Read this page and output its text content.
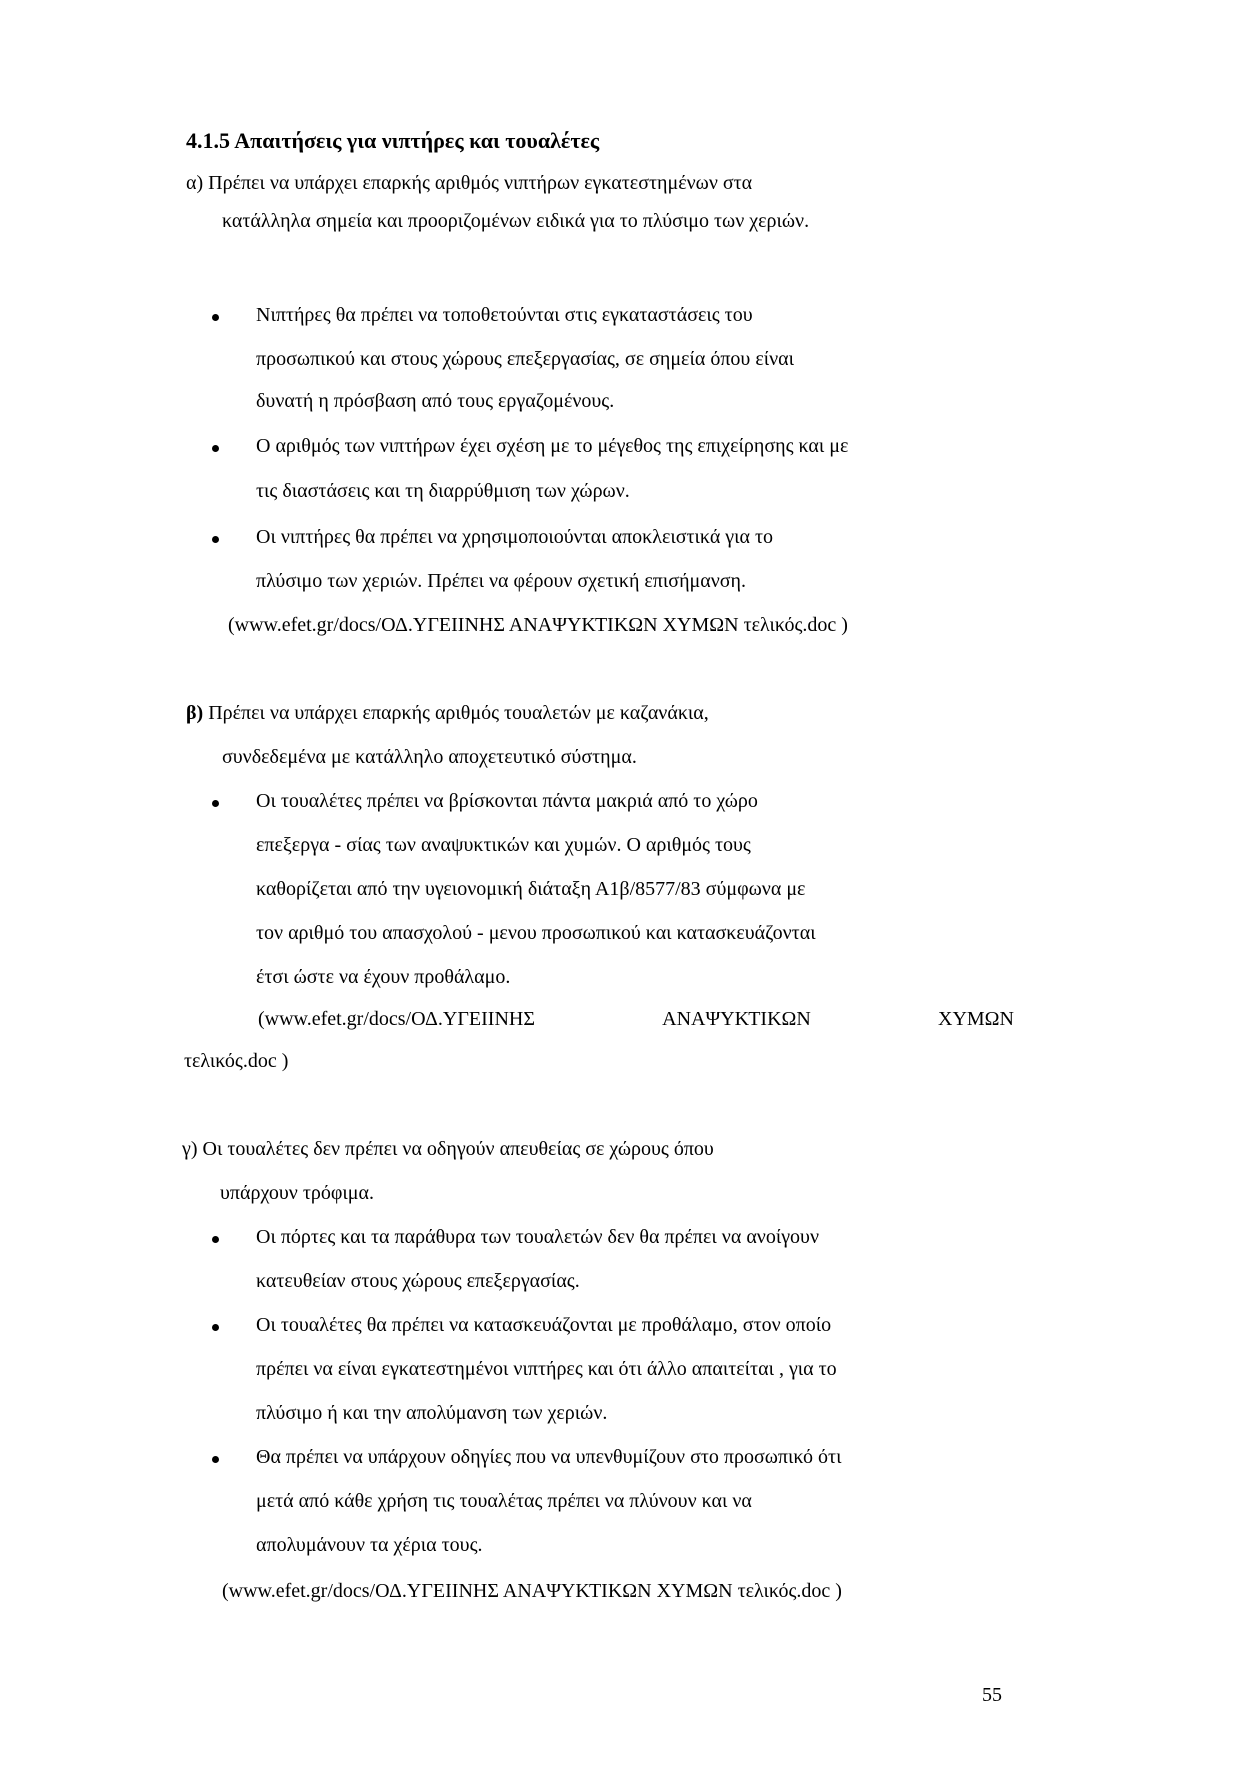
4.1.5 Απαιτήσεις για νιπτήρες και τουαλέτες
α) Πρέπει να υπάρχει επαρκής αριθμός νιπτήρων εγκατεστημένων στα
κατάλληλα σημεία και προοριζομένων ειδικά για το πλύσιμο των χεριών.
Νιπτήρες θα πρέπει να τοποθετούνται στις εγκαταστάσεις του
προσωπικού και στους χώρους επεξεργασίας, σε σημεία όπου είναι
δυνατή η πρόσβαση από τους εργαζομένους.
Ο αριθμός των νιπτήρων έχει σχέση με το μέγεθος της επιχείρησης και με
τις διαστάσεις και τη διαρρύθμιση των χώρων.
Οι νιπτήρες θα πρέπει να χρησιμοποιούνται αποκλειστικά για το
πλύσιμο των χεριών. Πρέπει να φέρουν σχετική επισήμανση.
(www.efet.gr/docs/ΟΔ.ΥΓΕΙΙΝΗΣ ΑΝΑΨΥΚΤΙΚΩΝ ΧΥΜΩΝ τελικός.doc )
β) Πρέπει να υπάρχει επαρκής αριθμός τουαλετών με καζανάκια,
συνδεδεμένα με κατάλληλο αποχετευτικό σύστημα.
Οι τουαλέτες πρέπει να βρίσκονται πάντα μακριά από το χώρο
επεξεργα - σίας των αναψυκτικών και χυμών. Ο αριθμός τους
καθορίζεται από την υγειονομική διάταξη Α1β/8577/83 σύμφωνα με
τον αριθμό του απασχολού - μενου προσωπικού και κατασκευάζονται
έτσι ώστε να έχουν προθάλαμο.
(www.efet.gr/docs/ΟΔ.ΥΓΕΙΙΝΗΣ	ΑΝΑΨΥΚΤΙΚΩΝ	ΧΥΜΩΝ
τελικός.doc )
γ) Οι τουαλέτες δεν πρέπει να οδηγούν απευθείας σε χώρους όπου
υπάρχουν τρόφιμα.
Οι πόρτες και τα παράθυρα των τουαλετών δεν θα πρέπει να ανοίγουν
κατευθείαν στους χώρους επεξεργασίας.
Οι τουαλέτες θα πρέπει να κατασκευάζονται με προθάλαμο, στον οποίο
πρέπει να είναι εγκατεστημένοι νιπτήρες και ότι άλλο απαιτείται , για το
πλύσιμο ή και την απολύμανση των χεριών.
Θα πρέπει να υπάρχουν οδηγίες που να υπενθυμίζουν στο προσωπικό ότι
μετά από κάθε χρήση τις τουαλέτας πρέπει να πλύνουν και να
απολυμάνουν τα χέρια τους.
(www.efet.gr/docs/ΟΔ.ΥΓΕΙΙΝΗΣ ΑΝΑΨΥΚΤΙΚΩΝ ΧΥΜΩΝ τελικός.doc )
55
